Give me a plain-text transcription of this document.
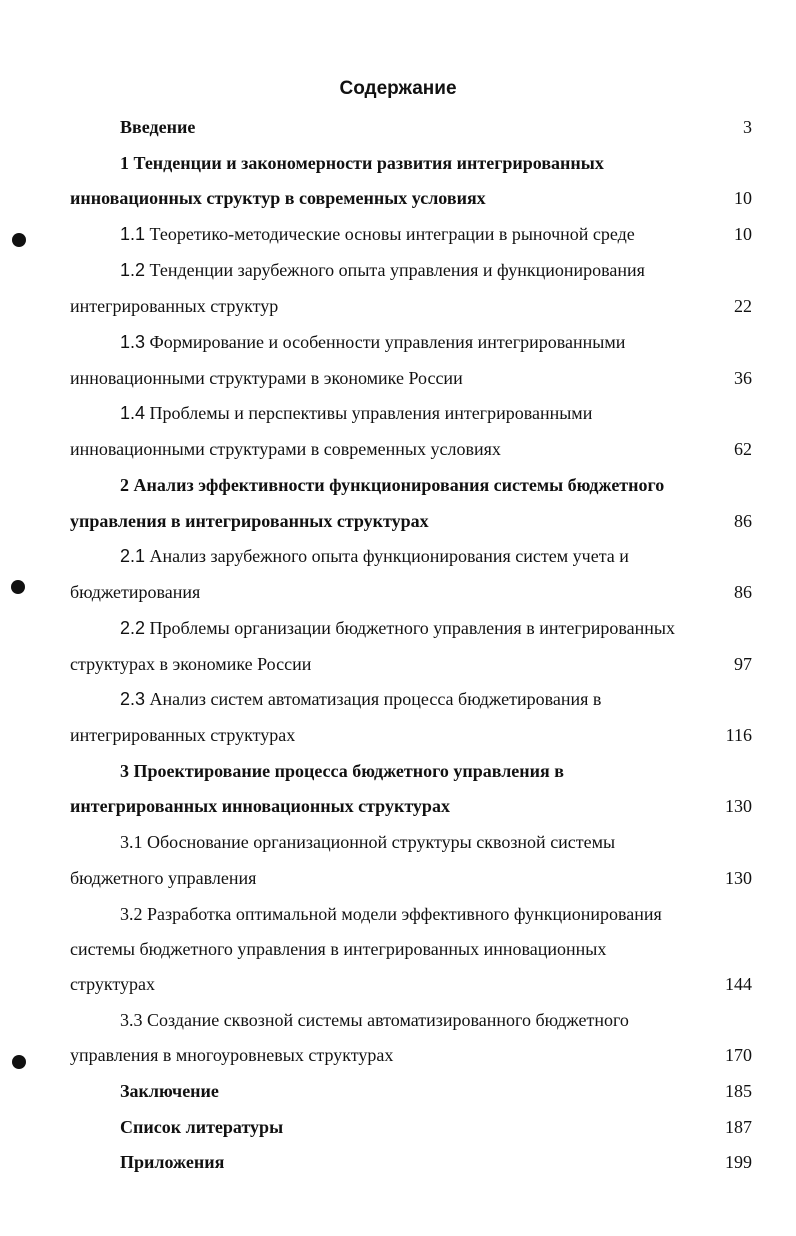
Содержание
Введение	3
1 Тенденции и закономерности развития интегрированных
инновационных структур в современных условиях	10
1.1 Теоретико-методические основы интеграции в рыночной среде	10
1.2 Тенденции зарубежного опыта управления и функционирования
интегрированных структур	22
1.3 Формирование и особенности управления интегрированными
инновационными структурами в экономике России	36
1.4 Проблемы и перспективы управления интегрированными
инновационными структурами в современных условиях	62
2 Анализ эффективности функционирования системы бюджетного
управления в интегрированных структурах	86
2.1 Анализ зарубежного опыта функционирования систем учета и
бюджетирования	86
2.2 Проблемы организации бюджетного управления в интегрированных
структурах в экономике России	97
2.3 Анализ систем автоматизация процесса бюджетирования в
интегрированных структурах	116
3 Проектирование процесса бюджетного управления в
интегрированных инновационных структурах	130
3.1 Обоснование организационной структуры сквозной системы
бюджетного управления	130
3.2 Разработка оптимальной модели эффективного функционирования
системы бюджетного управления в интегрированных инновационных
структурах	144
3.3 Создание сквозной системы автоматизированного бюджетного
управления в многоуровневых структурах	170
Заключение	185
Список литературы	187
Приложения	199
